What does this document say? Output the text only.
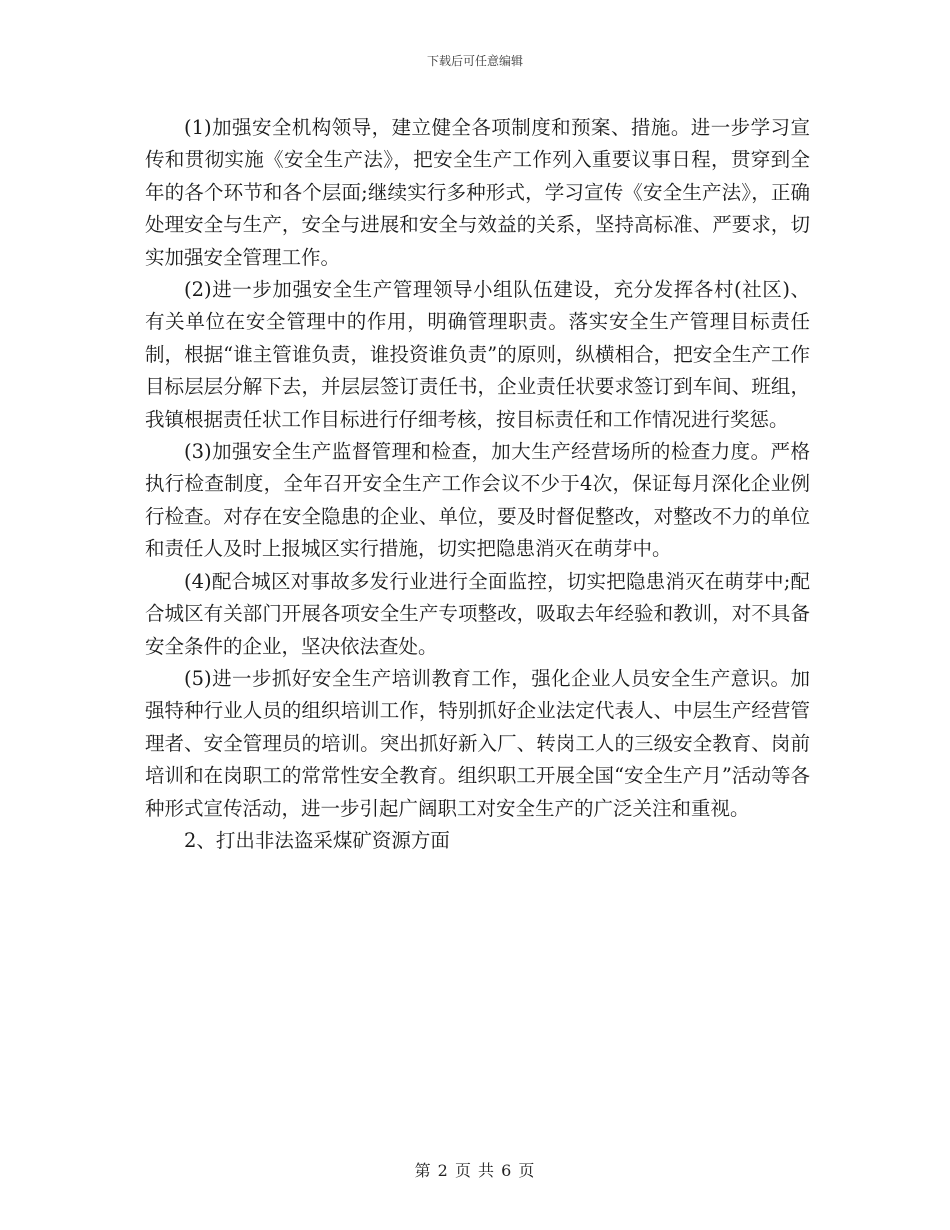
下载后可任意编辑

(1)加强安全机构领导，建立健全各项制度和预案、措施。进一步学习宣传和贯彻实施《安全生产法》，把安全生产工作列入重要议事日程，贯穿到全年的各个环节和各个层面;继续实行多种形式，学习宣传《安全生产法》，正确处理安全与生产，安全与进展和安全与效益的关系，坚持高标准、严要求，切实加强安全管理工作。

(2)进一步加强安全生产管理领导小组队伍建设，充分发挥各村(社区)、有关单位在安全管理中的作用，明确管理职责。落实安全生产管理目标责任制，根据“谁主管谁负责，谁投资谁负责”的原则，纵横相合，把安全生产工作目标层层分解下去，并层层签订责任书，企业责任状要求签订到车间、班组，我镇根据责任状工作目标进行仔细考核，按目标责任和工作情况进行奖惩。

(3)加强安全生产监督管理和检查，加大生产经营场所的检查力度。严格执行检查制度，全年召开安全生产工作会议不少于4次，保证每月深化企业例行检查。对存在安全隐患的企业、单位，要及时督促整改，对整改不力的单位和责任人及时上报城区实行措施，切实把隐患消灭在萌芽中。

(4)配合城区对事故多发行业进行全面监控，切实把隐患消灭在萌芽中;配合城区有关部门开展各项安全生产专项整改，吸取去年经验和教训，对不具备安全条件的企业，坚决依法查处。

(5)进一步抓好安全生产培训教育工作，强化企业人员安全生产意识。加强特种行业人员的组织培训工作，特别抓好企业法定代表人、中层生产经营管理者、安全管理员的培训。突出抓好新入厂、转岗工人的三级安全教育、岗前培训和在岗职工的常常性安全教育。组织职工开展全国“安全生产月”活动等各种形式宣传活动，进一步引起广阔职工对安全生产的广泛关注和重视。

2、打出非法盗采煤矿资源方面

第 2 页 共 6 页
